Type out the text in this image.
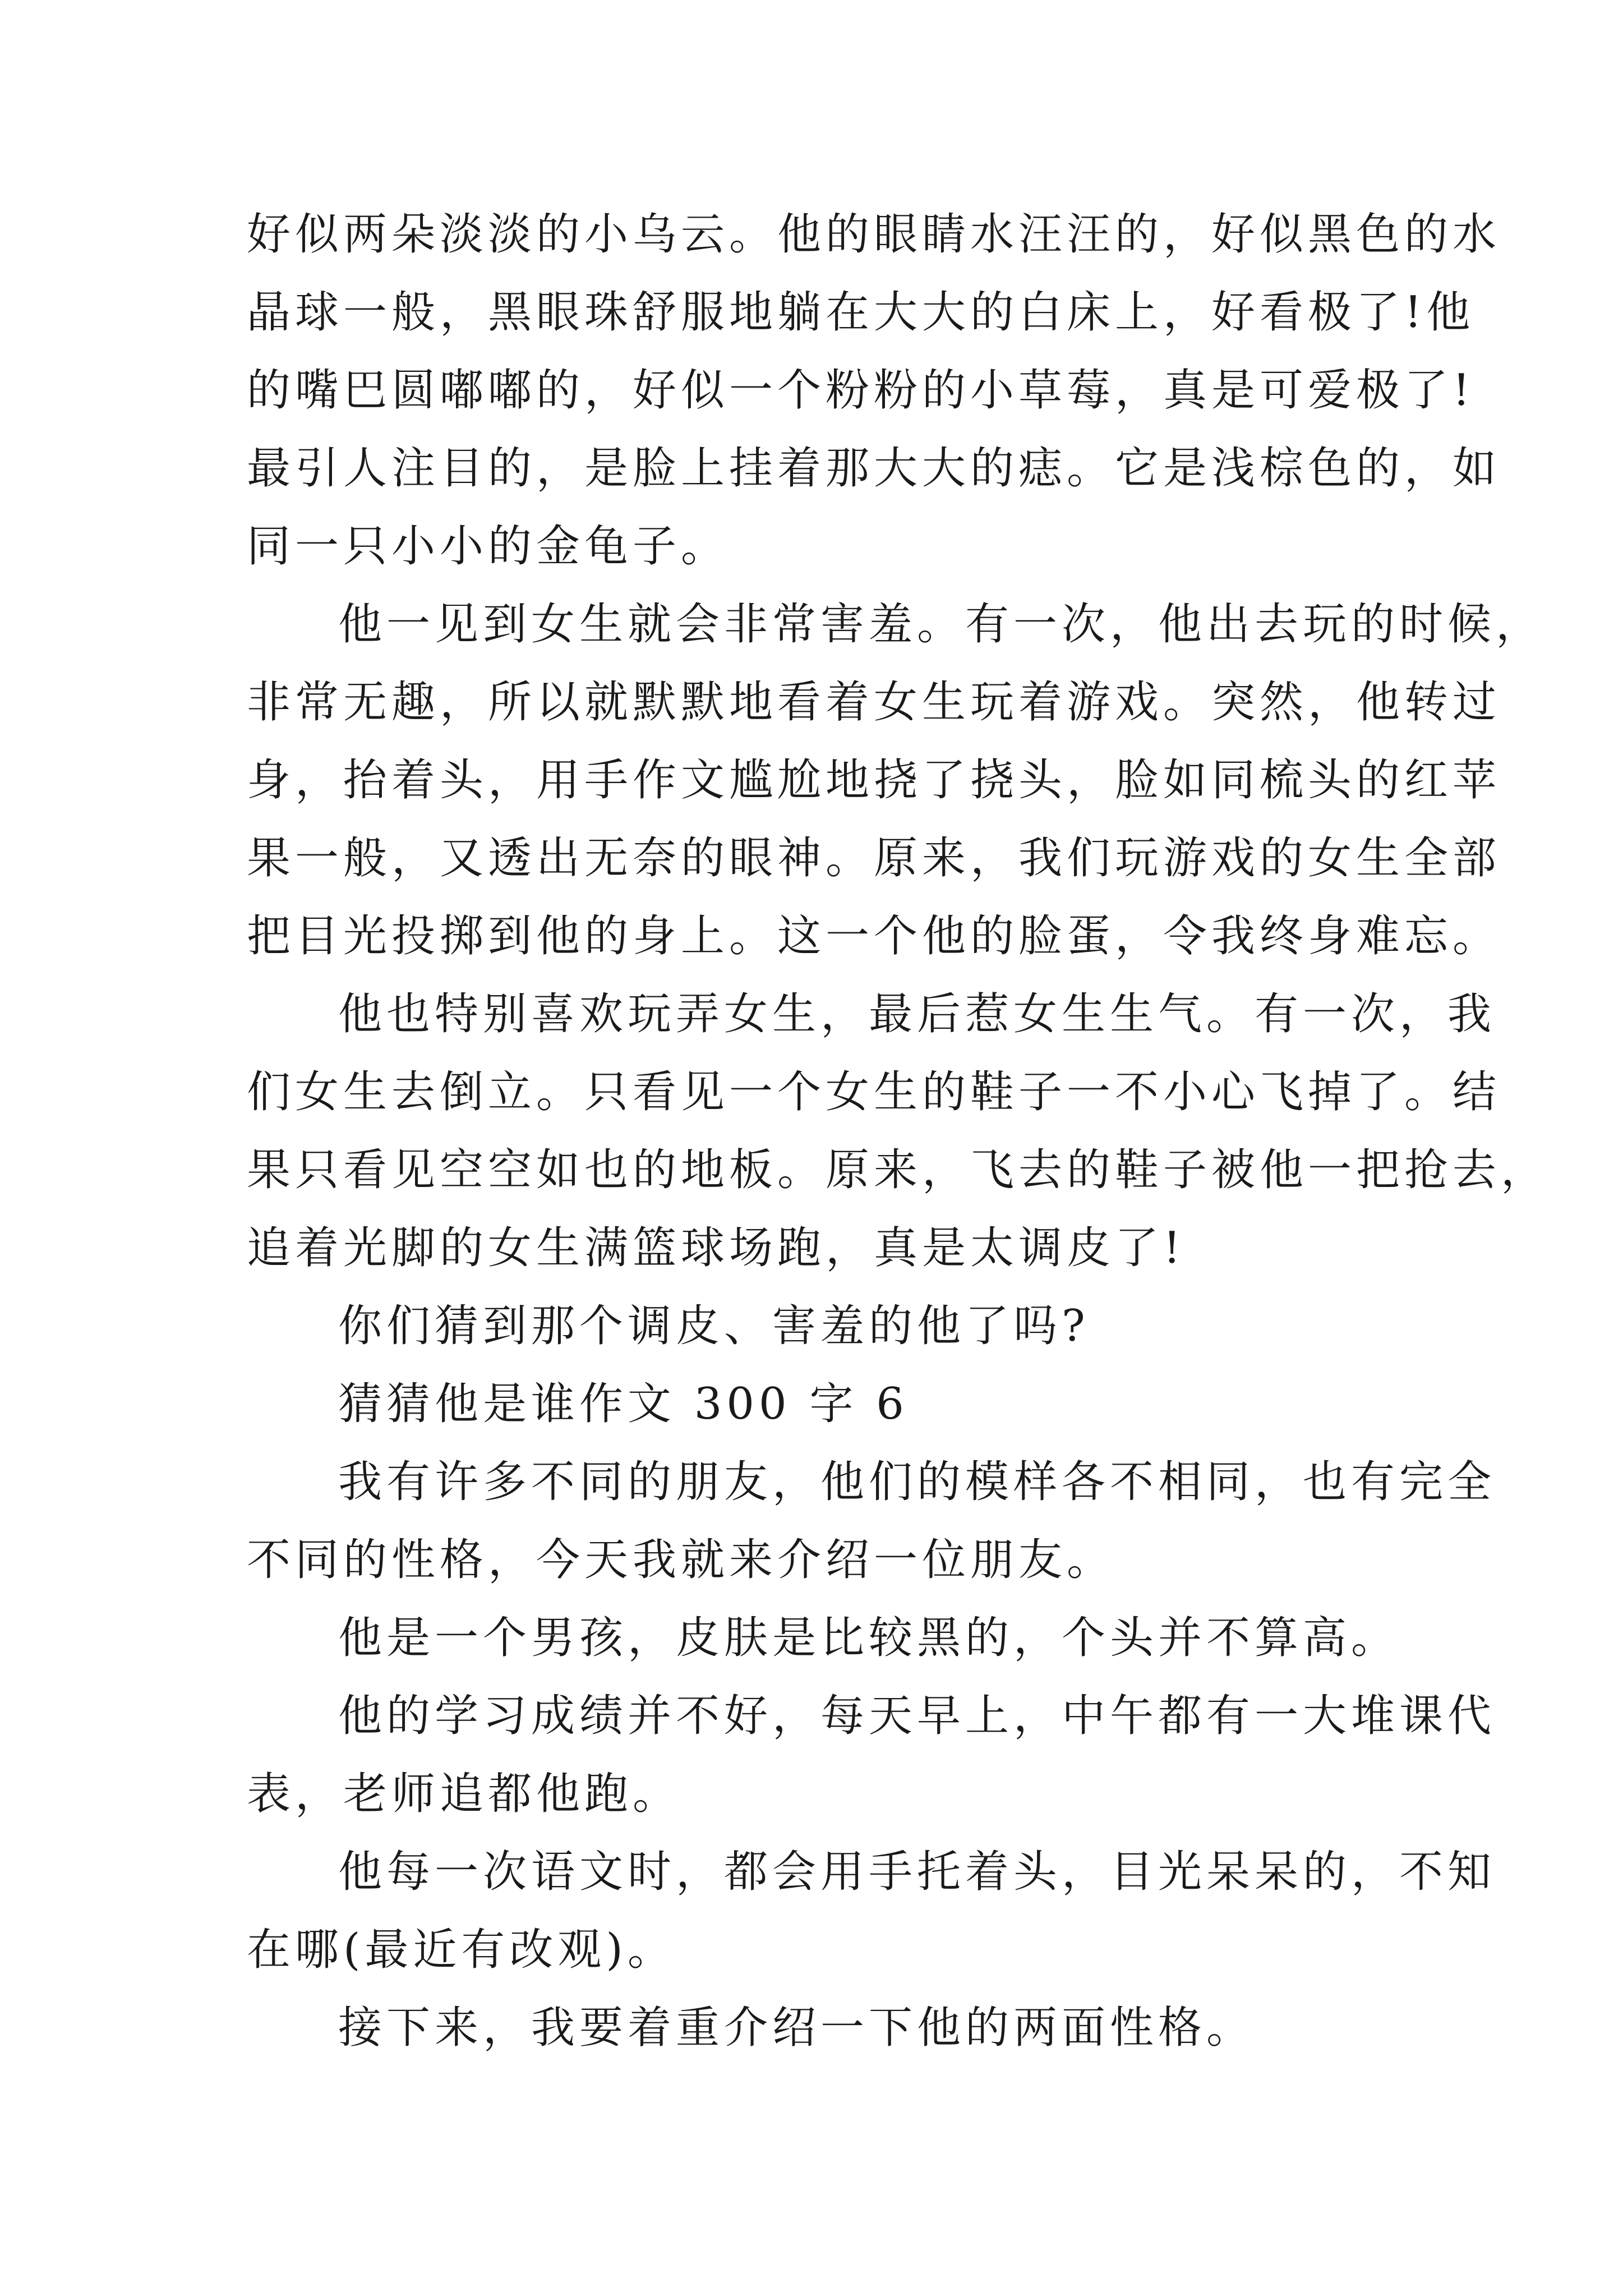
好似两朵淡淡的小乌云。他的眼睛水汪汪的，好似黑色的水
晶球一般，黑眼珠舒服地躺在大大的白床上，好看极了!他
的嘴巴圆嘟嘟的，好似一个粉粉的小草莓，真是可爱极了!
最引人注目的，是脸上挂着那大大的痣。它是浅棕色的，如
同一只小小的金龟子。
他一见到女生就会非常害羞。有一次，他出去玩的时候，
非常无趣，所以就默默地看着女生玩着游戏。突然，他转过
身，抬着头，用手作文尴尬地挠了挠头，脸如同梳头的红苹
果一般，又透出无奈的眼神。原来，我们玩游戏的女生全部
把目光投掷到他的身上。这一个他的脸蛋，令我终身难忘。
他也特别喜欢玩弄女生，最后惹女生生气。有一次，我
们女生去倒立。只看见一个女生的鞋子一不小心飞掉了。结
果只看见空空如也的地板。原来，飞去的鞋子被他一把抢去，
追着光脚的女生满篮球场跑，真是太调皮了!
你们猜到那个调皮、害羞的他了吗?
猜猜他是谁作文 300 字 6
我有许多不同的朋友，他们的模样各不相同，也有完全
不同的性格，今天我就来介绍一位朋友。
他是一个男孩，皮肤是比较黑的，个头并不算高。
他的学习成绩并不好，每天早上，中午都有一大堆课代
表，老师追都他跑。
他每一次语文时，都会用手托着头，目光呆呆的，不知
在哪(最近有改观)。
接下来，我要着重介绍一下他的两面性格。
